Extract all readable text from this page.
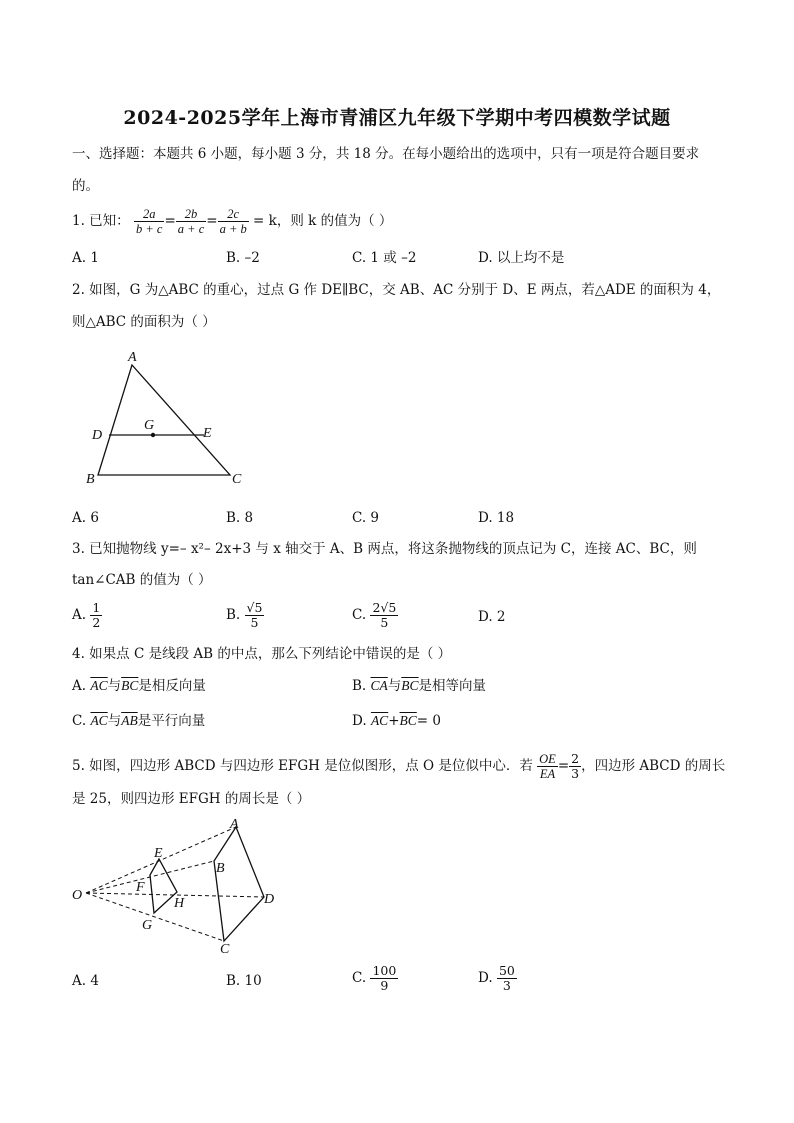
2024-2025学年上海市青浦区九年级下学期中考四模数学试题
一、选择题：本题共 6 小题，每小题 3 分，共 18 分。在每小题给出的选项中，只有一项是符合题目要求
的。
1. 已知： $\frac{2a}{b + c} = \frac{2b}{a + c} = \frac{2c}{a + b} = k$，则 k 的值为（ ）
A. 1	B. –2	C. 1 或 –2	D. 以上均不是
2. 如图，G 为△ABC 的重心，过点 G 作 DE∥BC，交 AB、AC 分别于 D、E 两点，若△ADE 的面积为 4，
则△ABC 的面积为（ ）
A
G
D	E
B	C
A. 6	B. 8	C. 9	D. 18
3. 已知抛物线 y=– x²– 2x+3 与 x 轴交于 A、B 两点，将这条抛物线的顶点记为 C，连接 AC、BC，则
tan∠CAB 的值为（ ）
A. $\frac{1}{2}$	B. $\frac{√5}{5}$	C. $\frac{2√5}{5}$	D. 2
4. 如果点 C 是线段 AB 的中点，那么下列结论中错误的是（ ）
A. $\overline{AC}$与$\overline{BC}$是相反向量	B. $\overline{CA}$与$\overline{BC}$是相等向量
C. $\overline{AC}$与$\overline{AB}$是平行向量	D. $\overline{AC}+\overline{BC}= 0$
5. 如图，四边形 ABCD 与四边形 EFGH 是位似图形，点 O 是位似中心．若 $\frac{OE}{EA} = \frac{2}{3}$ ，四边形 ABCD 的周长
是 25，则四边形 EFGH 的周长是（ ）
A
E
B
F
O
H	D
G
C
A. 4	B. 10	C. $\frac{100}{9}$	D. $\frac{50}{3}$
